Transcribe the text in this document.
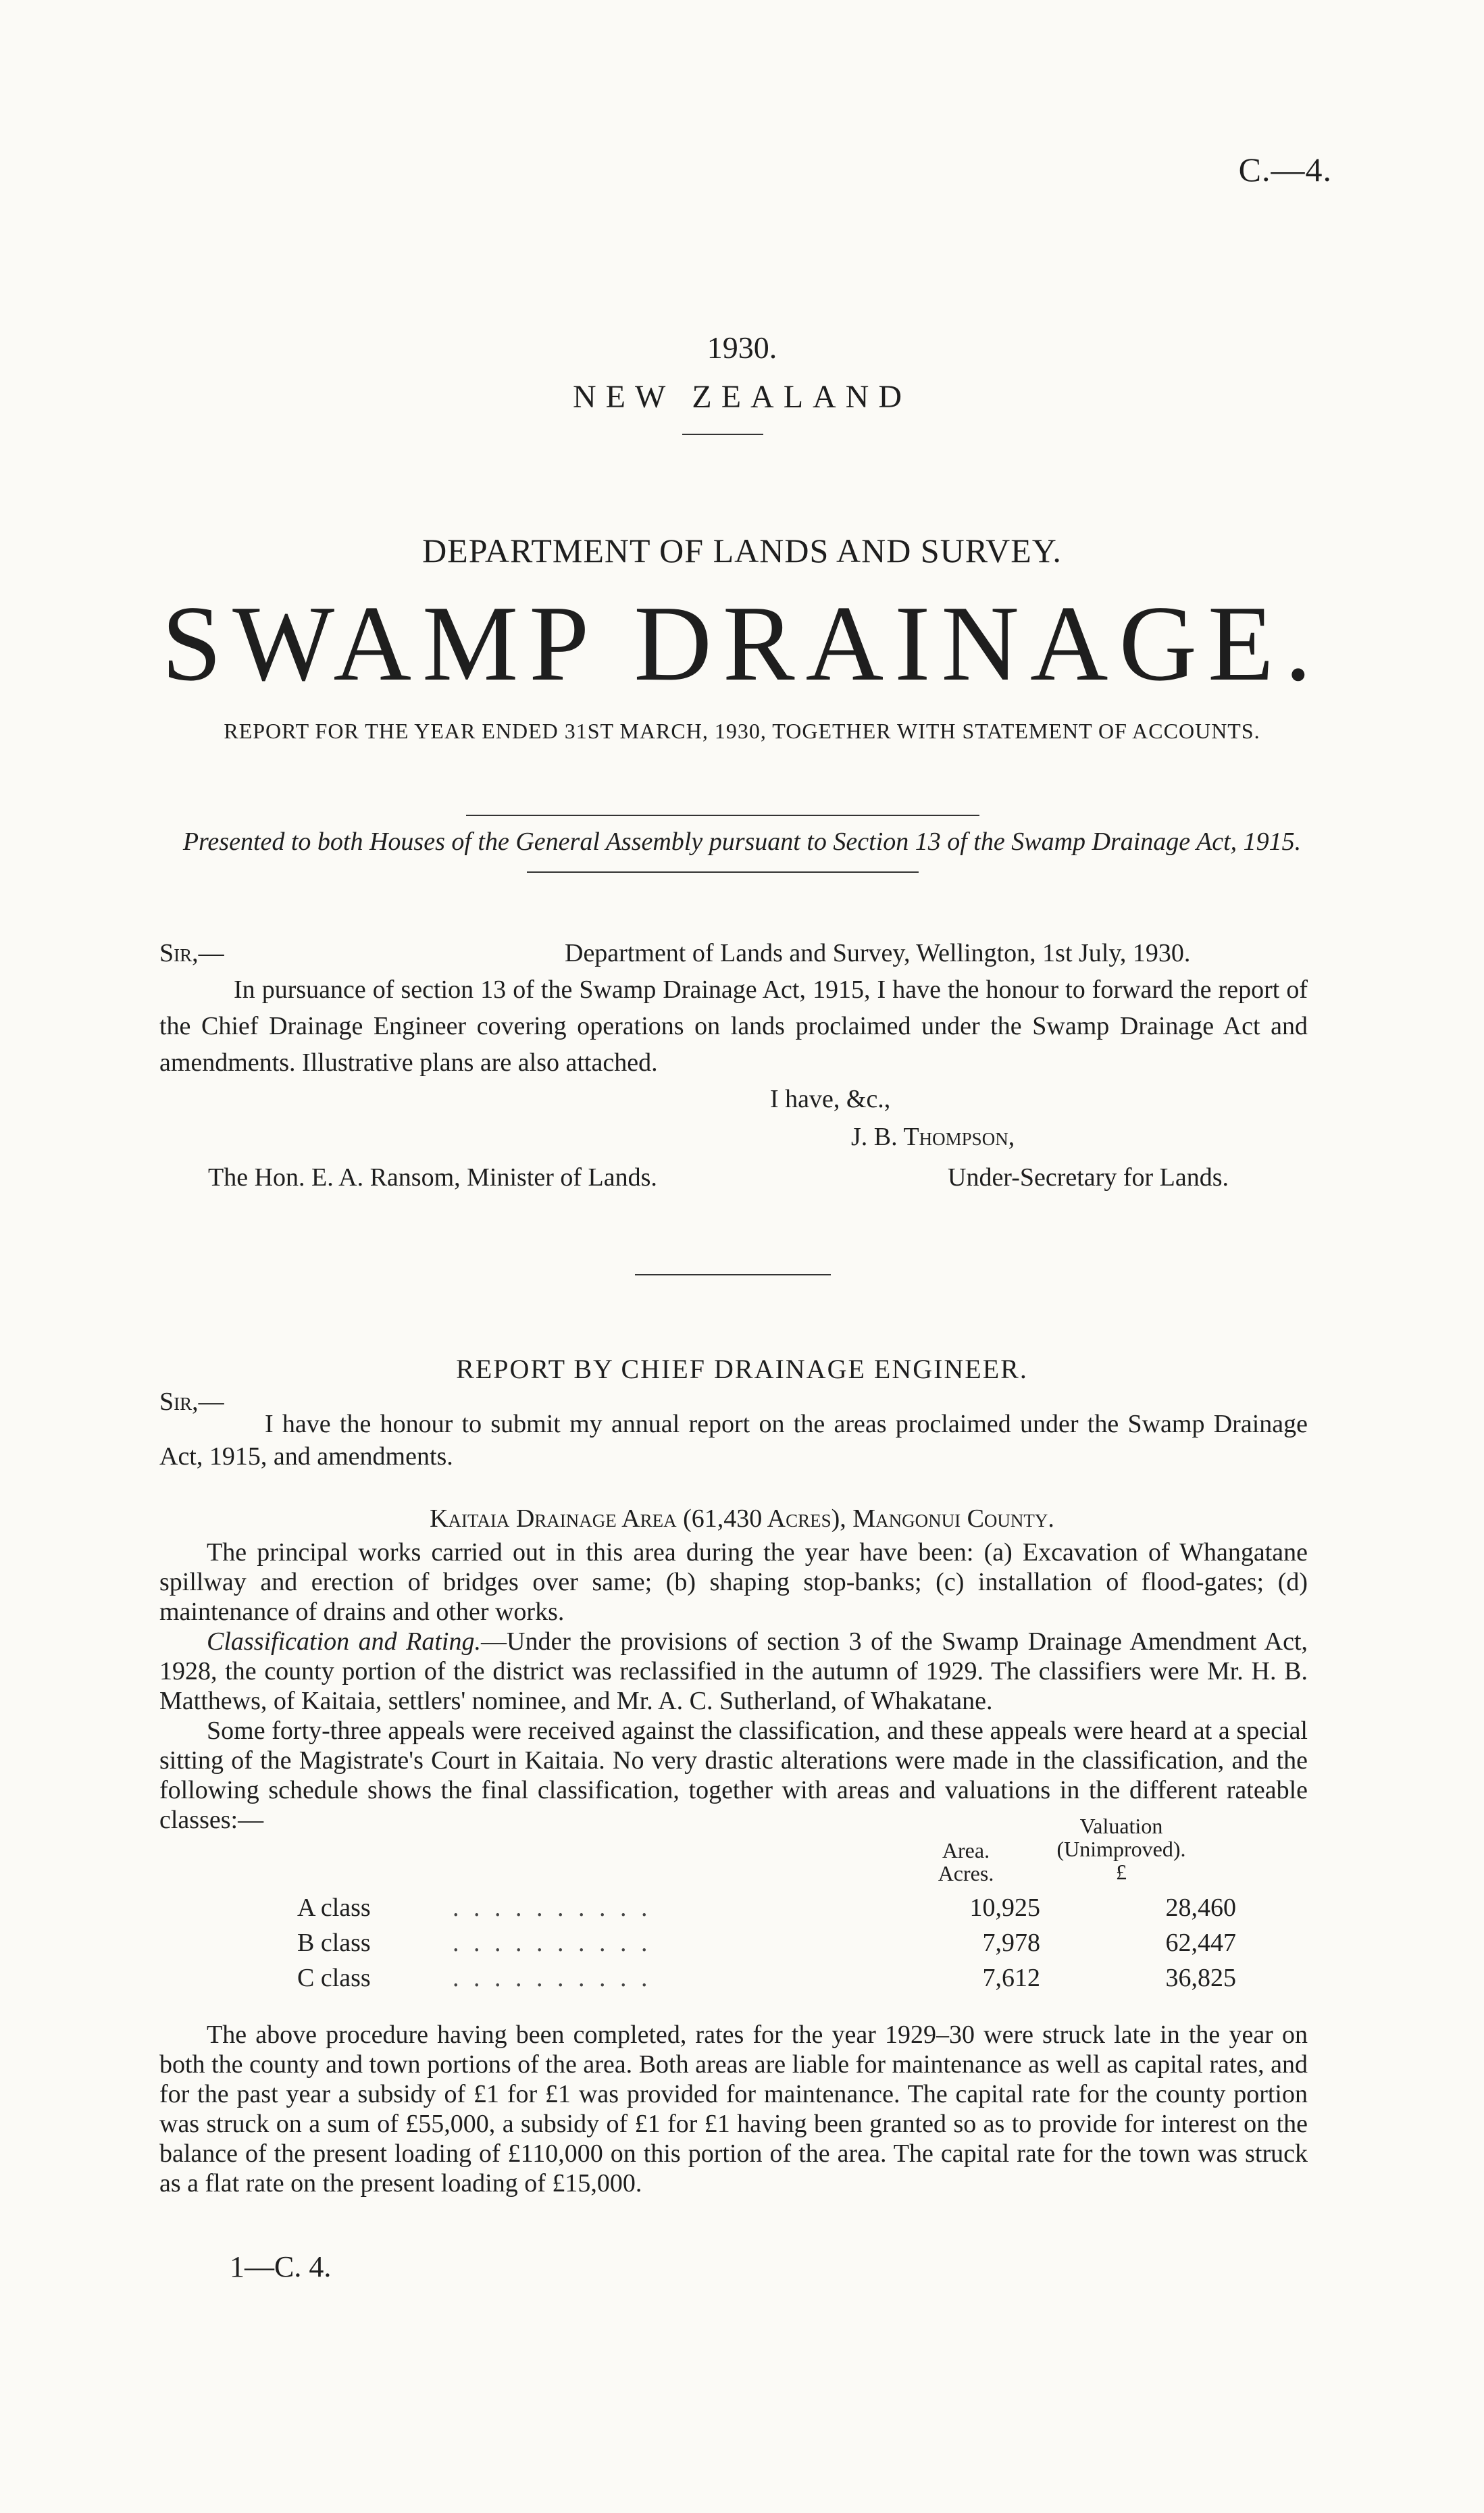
C.—4.
1930.
NEW ZEALAND
DEPARTMENT OF LANDS AND SURVEY.
SWAMP DRAINAGE.
REPORT FOR THE YEAR ENDED 31ST MARCH, 1930, TOGETHER WITH STATEMENT OF ACCOUNTS.
Presented to both Houses of the General Assembly pursuant to Section 13 of the Swamp Drainage Act, 1915.
Sir,—	Department of Lands and Survey, Wellington, 1st July, 1930.
In pursuance of section 13 of the Swamp Drainage Act, 1915, I have the honour to forward the report of the Chief Drainage Engineer covering operations on lands proclaimed under the Swamp Drainage Act and amendments. Illustrative plans are also attached.
I have, &c.,
J. B. Thompson,
The Hon. E. A. Ransom, Minister of Lands.	Under-Secretary for Lands.
REPORT BY CHIEF DRAINAGE ENGINEER.
Sir,—
I have the honour to submit my annual report on the areas proclaimed under the Swamp Drainage Act, 1915, and amendments.
Kaitaia Drainage Area (61,430 Acres), Mangonui County.
The principal works carried out in this area during the year have been: (a) Excavation of Whangatane spillway and erection of bridges over same; (b) shaping stop-banks; (c) installation of flood-gates; (d) maintenance of drains and other works.
Classification and Rating.—Under the provisions of section 3 of the Swamp Drainage Amendment Act, 1928, the county portion of the district was reclassified in the autumn of 1929. The classifiers were Mr. H. B. Matthews, of Kaitaia, settlers' nominee, and Mr. A. C. Sutherland, of Whakatane.
Some forty-three appeals were received against the classification, and these appeals were heard at a special sitting of the Magistrate's Court in Kaitaia. No very drastic alterations were made in the classification, and the following schedule shows the final classification, together with areas and valuations in the different rateable classes:—
Area.
Acres.
Valuation
(Unimproved).
£
A class	. . . . . . . . . .	10,925	28,460
B class	. . . . . . . . . .	7,978	62,447
C class	. . . . . . . . . .	7,612	36,825
The above procedure having been completed, rates for the year 1929–30 were struck late in the year on both the county and town portions of the area. Both areas are liable for maintenance as well as capital rates, and for the past year a subsidy of £1 for £1 was provided for maintenance. The capital rate for the county portion was struck on a sum of £55,000, a subsidy of £1 for £1 having been granted so as to provide for interest on the balance of the present loading of £110,000 on this portion of the area. The capital rate for the town was struck as a flat rate on the present loading of £15,000.
1—C. 4.
